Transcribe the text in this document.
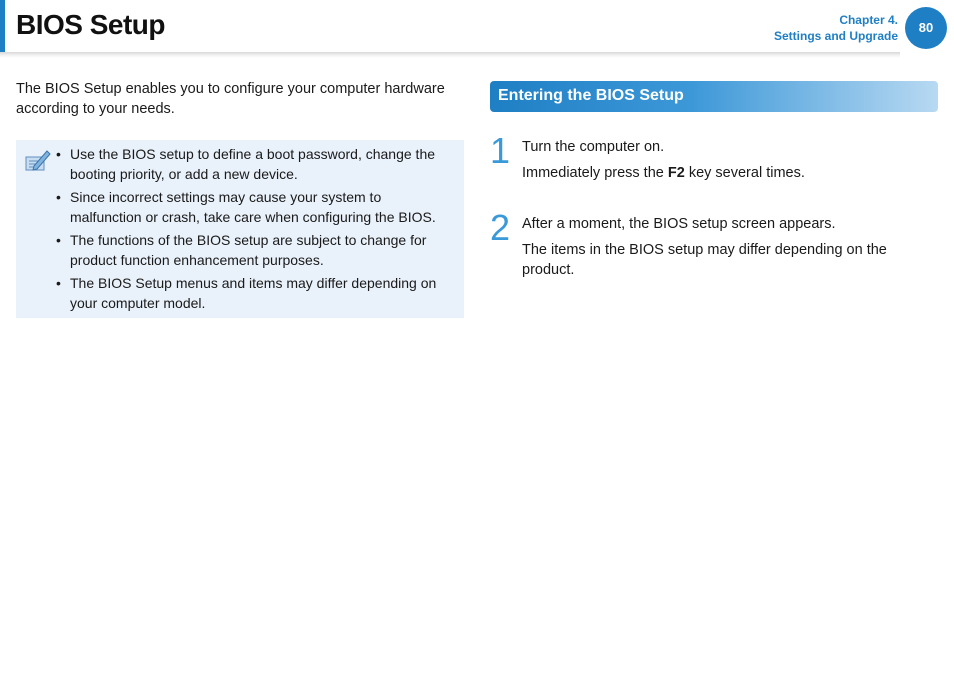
BIOS Setup	Chapter 4.
Settings and Upgrade
80
The BIOS Setup enables you to configure your computer hardware according to your needs.
• Use the BIOS setup to define a boot password, change the booting priority, or add a new device.
• Since incorrect settings may cause your system to malfunction or crash, take care when configuring the BIOS.
• The functions of the BIOS setup are subject to change for product function enhancement purposes.
• The BIOS Setup menus and items may differ depending on your computer model.
Entering the BIOS Setup
1 Turn the computer on.
Immediately press the F2 key several times.
2 After a moment, the BIOS setup screen appears.
The items in the BIOS setup may differ depending on the product.
